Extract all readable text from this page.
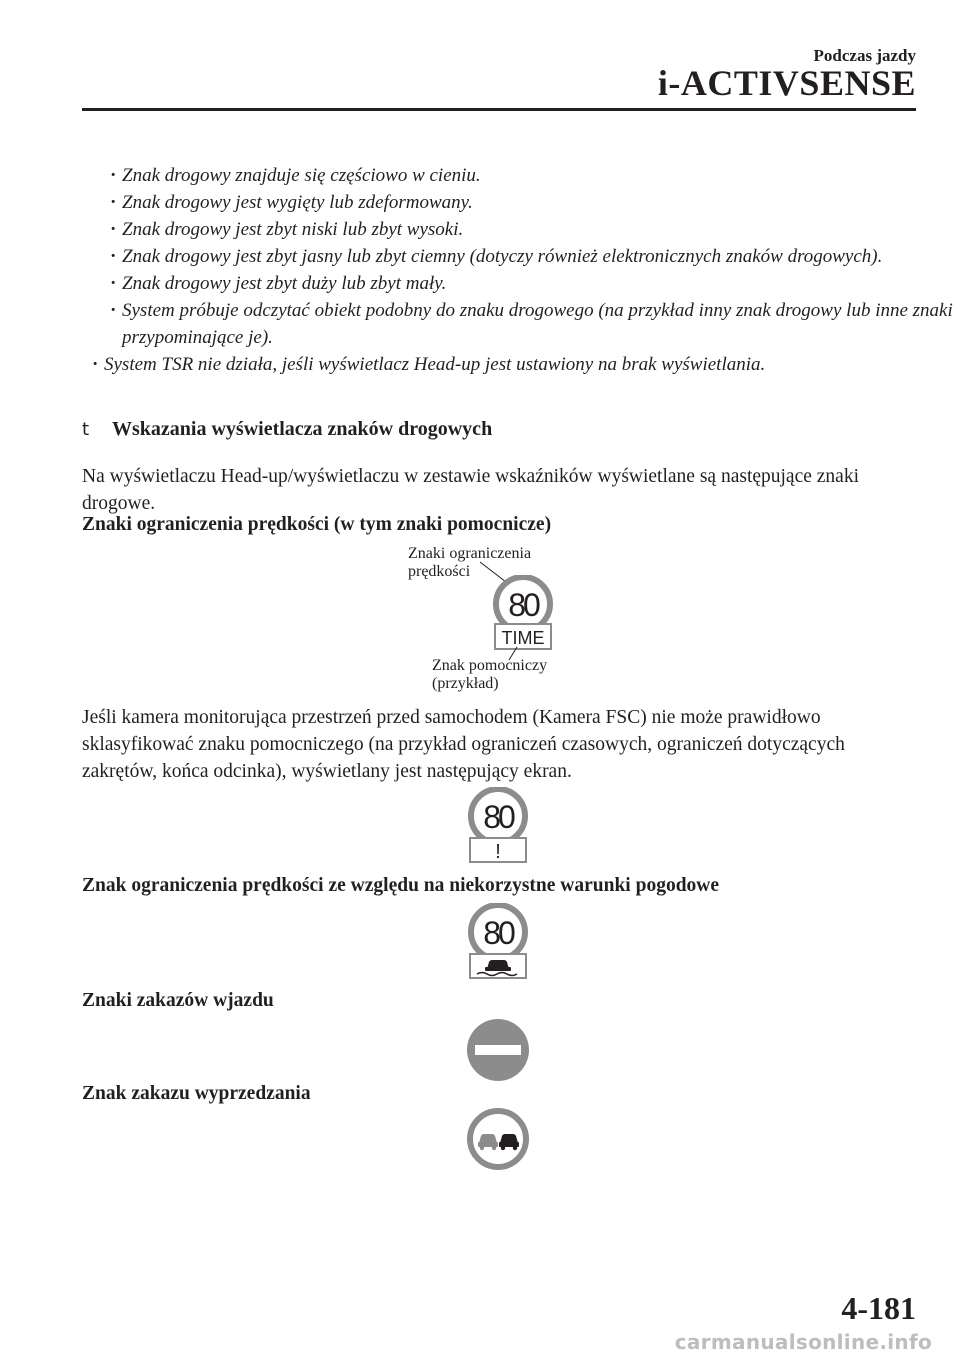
Podczas jazdy
i-ACTIVSENSE

· Znak drogowy znajduje się częściowo w cieniu.

· Znak drogowy jest wygięty lub zdeformowany.

· Znak drogowy jest zbyt niski lub zbyt wysoki.

· Znak drogowy jest zbyt jasny lub zbyt ciemny (dotyczy również elektronicznych znaków drogowych).

· Znak drogowy jest zbyt duży lub zbyt mały.

· System próbuje odczytać obiekt podobny do znaku drogowego (na przykład inny znak drogowy lub inne znaki przypominające je).

· System TSR nie działa, jeśli wyświetlacz Head-up jest ustawiony na brak wyświetlania.

t Wskazania wyświetlacza znaków drogowych
Na wyświetlaczu Head-up/wyświetlaczu w zestawie wskaźników wyświetlane są następujące znaki drogowe.
Znaki ograniczenia prędkości (w tym znaki pomocnicze)
Znaki ograniczenia prędkości
80
TIME
Znak pomocniczy (przykład)
Jeśli kamera monitorująca przestrzeń przed samochodem (Kamera FSC) nie może prawidłowo sklasyfikować znaku pomocniczego (na przykład ograniczeń czasowych, ograniczeń dotyczących zakrętów, końca odcinka), wyświetlany jest następujący ekran.
80
!
Znak ograniczenia prędkości ze względu na niekorzystne warunki pogodowe
80
Znaki zakazów wjazdu
Znak zakazu wyprzedzania
4-181
carmanualsonline.info
